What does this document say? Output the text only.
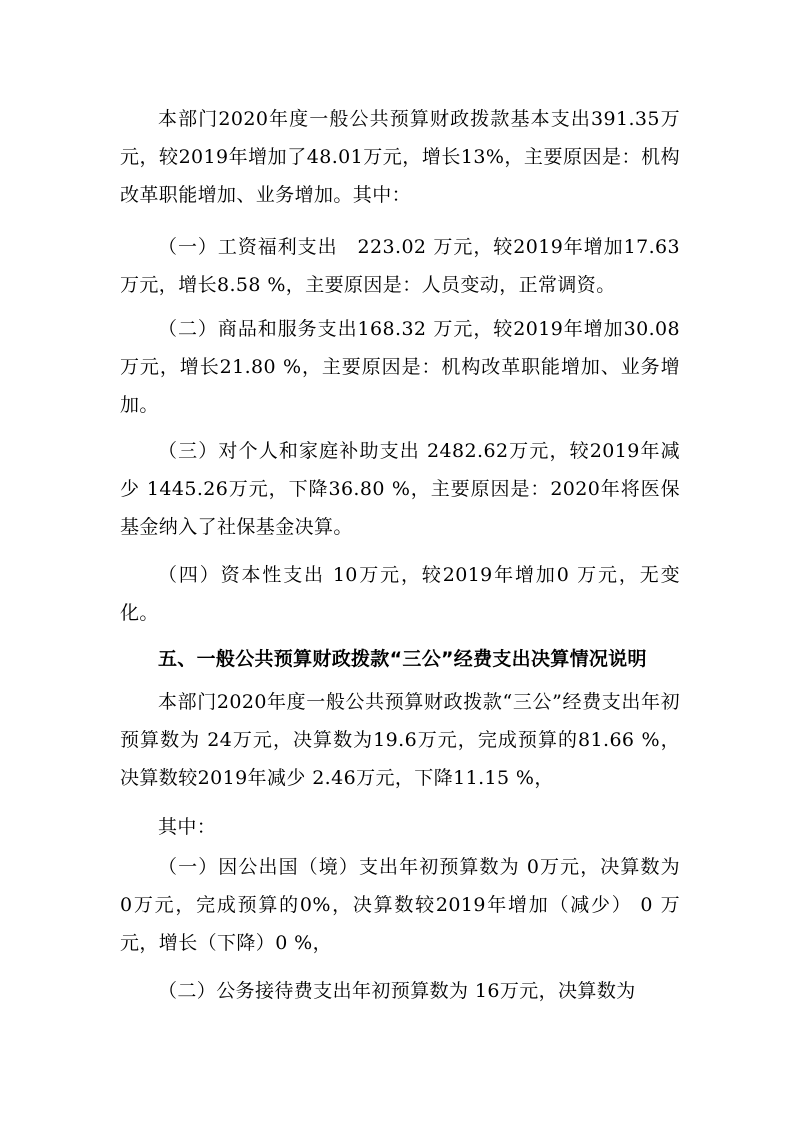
本部门2020年度一般公共预算财政拨款基本支出391.35万元，较2019年增加了48.01万元，增长13%，主要原因是：机构改革职能增加、业务增加。其中：

（一）工资福利支出　223.02 万元，较2019年增加17.63万元，增长8.58 %，主要原因是：人员变动，正常调资。

（二）商品和服务支出168.32 万元，较2019年增加30.08万元，增长21.80 %，主要原因是：机构改革职能增加、业务增加。

（三）对个人和家庭补助支出 2482.62万元，较2019年减少 1445.26万元，下降36.80 %，主要原因是：2020年将医保基金纳入了社保基金决算。

（四）资本性支出 10万元，较2019年增加0 万元，无变化。

五、一般公共预算财政拨款“三公”经费支出决算情况说明

本部门2020年度一般公共预算财政拨款“三公”经费支出年初预算数为 24万元，决算数为19.6万元，完成预算的81.66 %，决算数较2019年减少 2.46万元，下降11.15 %，

其中：

（一）因公出国（境）支出年初预算数为 0万元，决算数为 0万元，完成预算的0%，决算数较2019年增加（减少） 0 万元，增长（下降）0 %，

（二）公务接待费支出年初预算数为 16万元，决算数为
